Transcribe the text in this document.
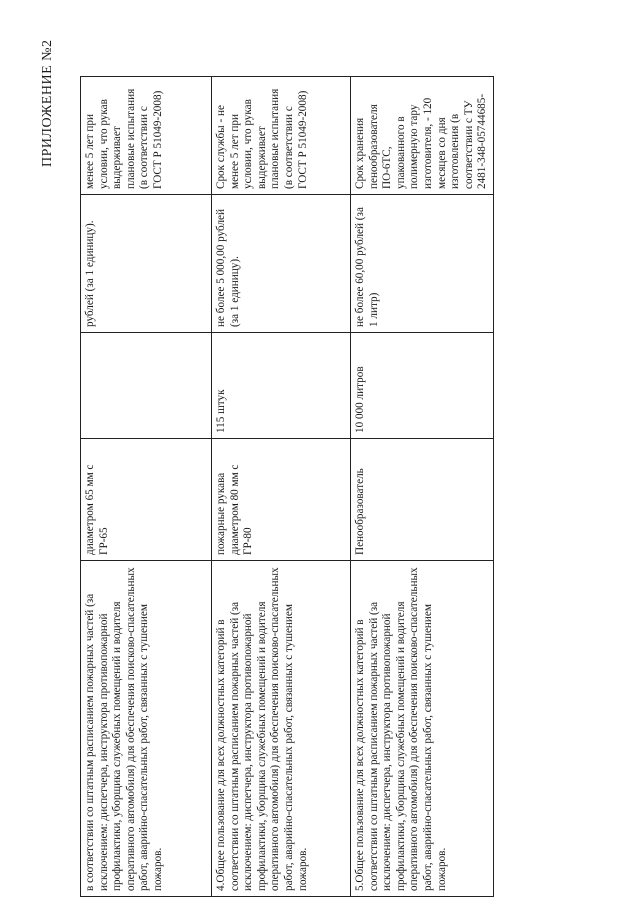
ПРИЛОЖЕНИЕ №2
в соответствии со штатным расписанием пожарных частей (за исключением: диспетчера, инструктора противопожарной профилактики, уборщика служебных помещений и водителя оперативного автомобиля) для обеспечения поисково-спасательных работ, аварийно-спасательных работ, связанных с тушением пожаров.	диаметром 65 мм с ГР-65		рублей (за 1 единицу).	менее 5 лет при условии, что рукав выдерживает плановые испытания (в соответствии с ГОСТ Р 51049-2008)
4.Общее пользование для всех должностных категорий в соответствии со штатным расписанием пожарных частей (за исключением: диспетчера, инструктора противопожарной профилактики, уборщика служебных помещений и водителя оперативного автомобиля) для обеспечения поисково-спасательных работ, аварийно-спасательных работ, связанных с тушением пожаров.	пожарные рукава диаметром 80 мм с ГР-80	115 штук	не более 5 000,00 рублей (за 1 единицу).	Срок службы - не менее 5 лет при условии, что рукав выдерживает плановые испытания (в соответствии с ГОСТ Р 51049-2008)
5.Общее пользование для всех должностных категорий в соответствии со штатным расписанием пожарных частей (за исключением: диспетчера, инструктора противопожарной профилактики, уборщика служебных помещений и водителя оперативного автомобиля) для обеспечения поисково-спасательных работ, аварийно-спасательных работ, связанных с тушением пожаров.	Пенообразователь	10 000 литров	не более 60,00 рублей (за 1 литр)	Срок хранения пенообразователя ПО-6ТС, упакованного в полимерную тару изготовителя, - 120 месяцев со дня изготовления (в соответствии с ТУ 2481-348-05744685-
